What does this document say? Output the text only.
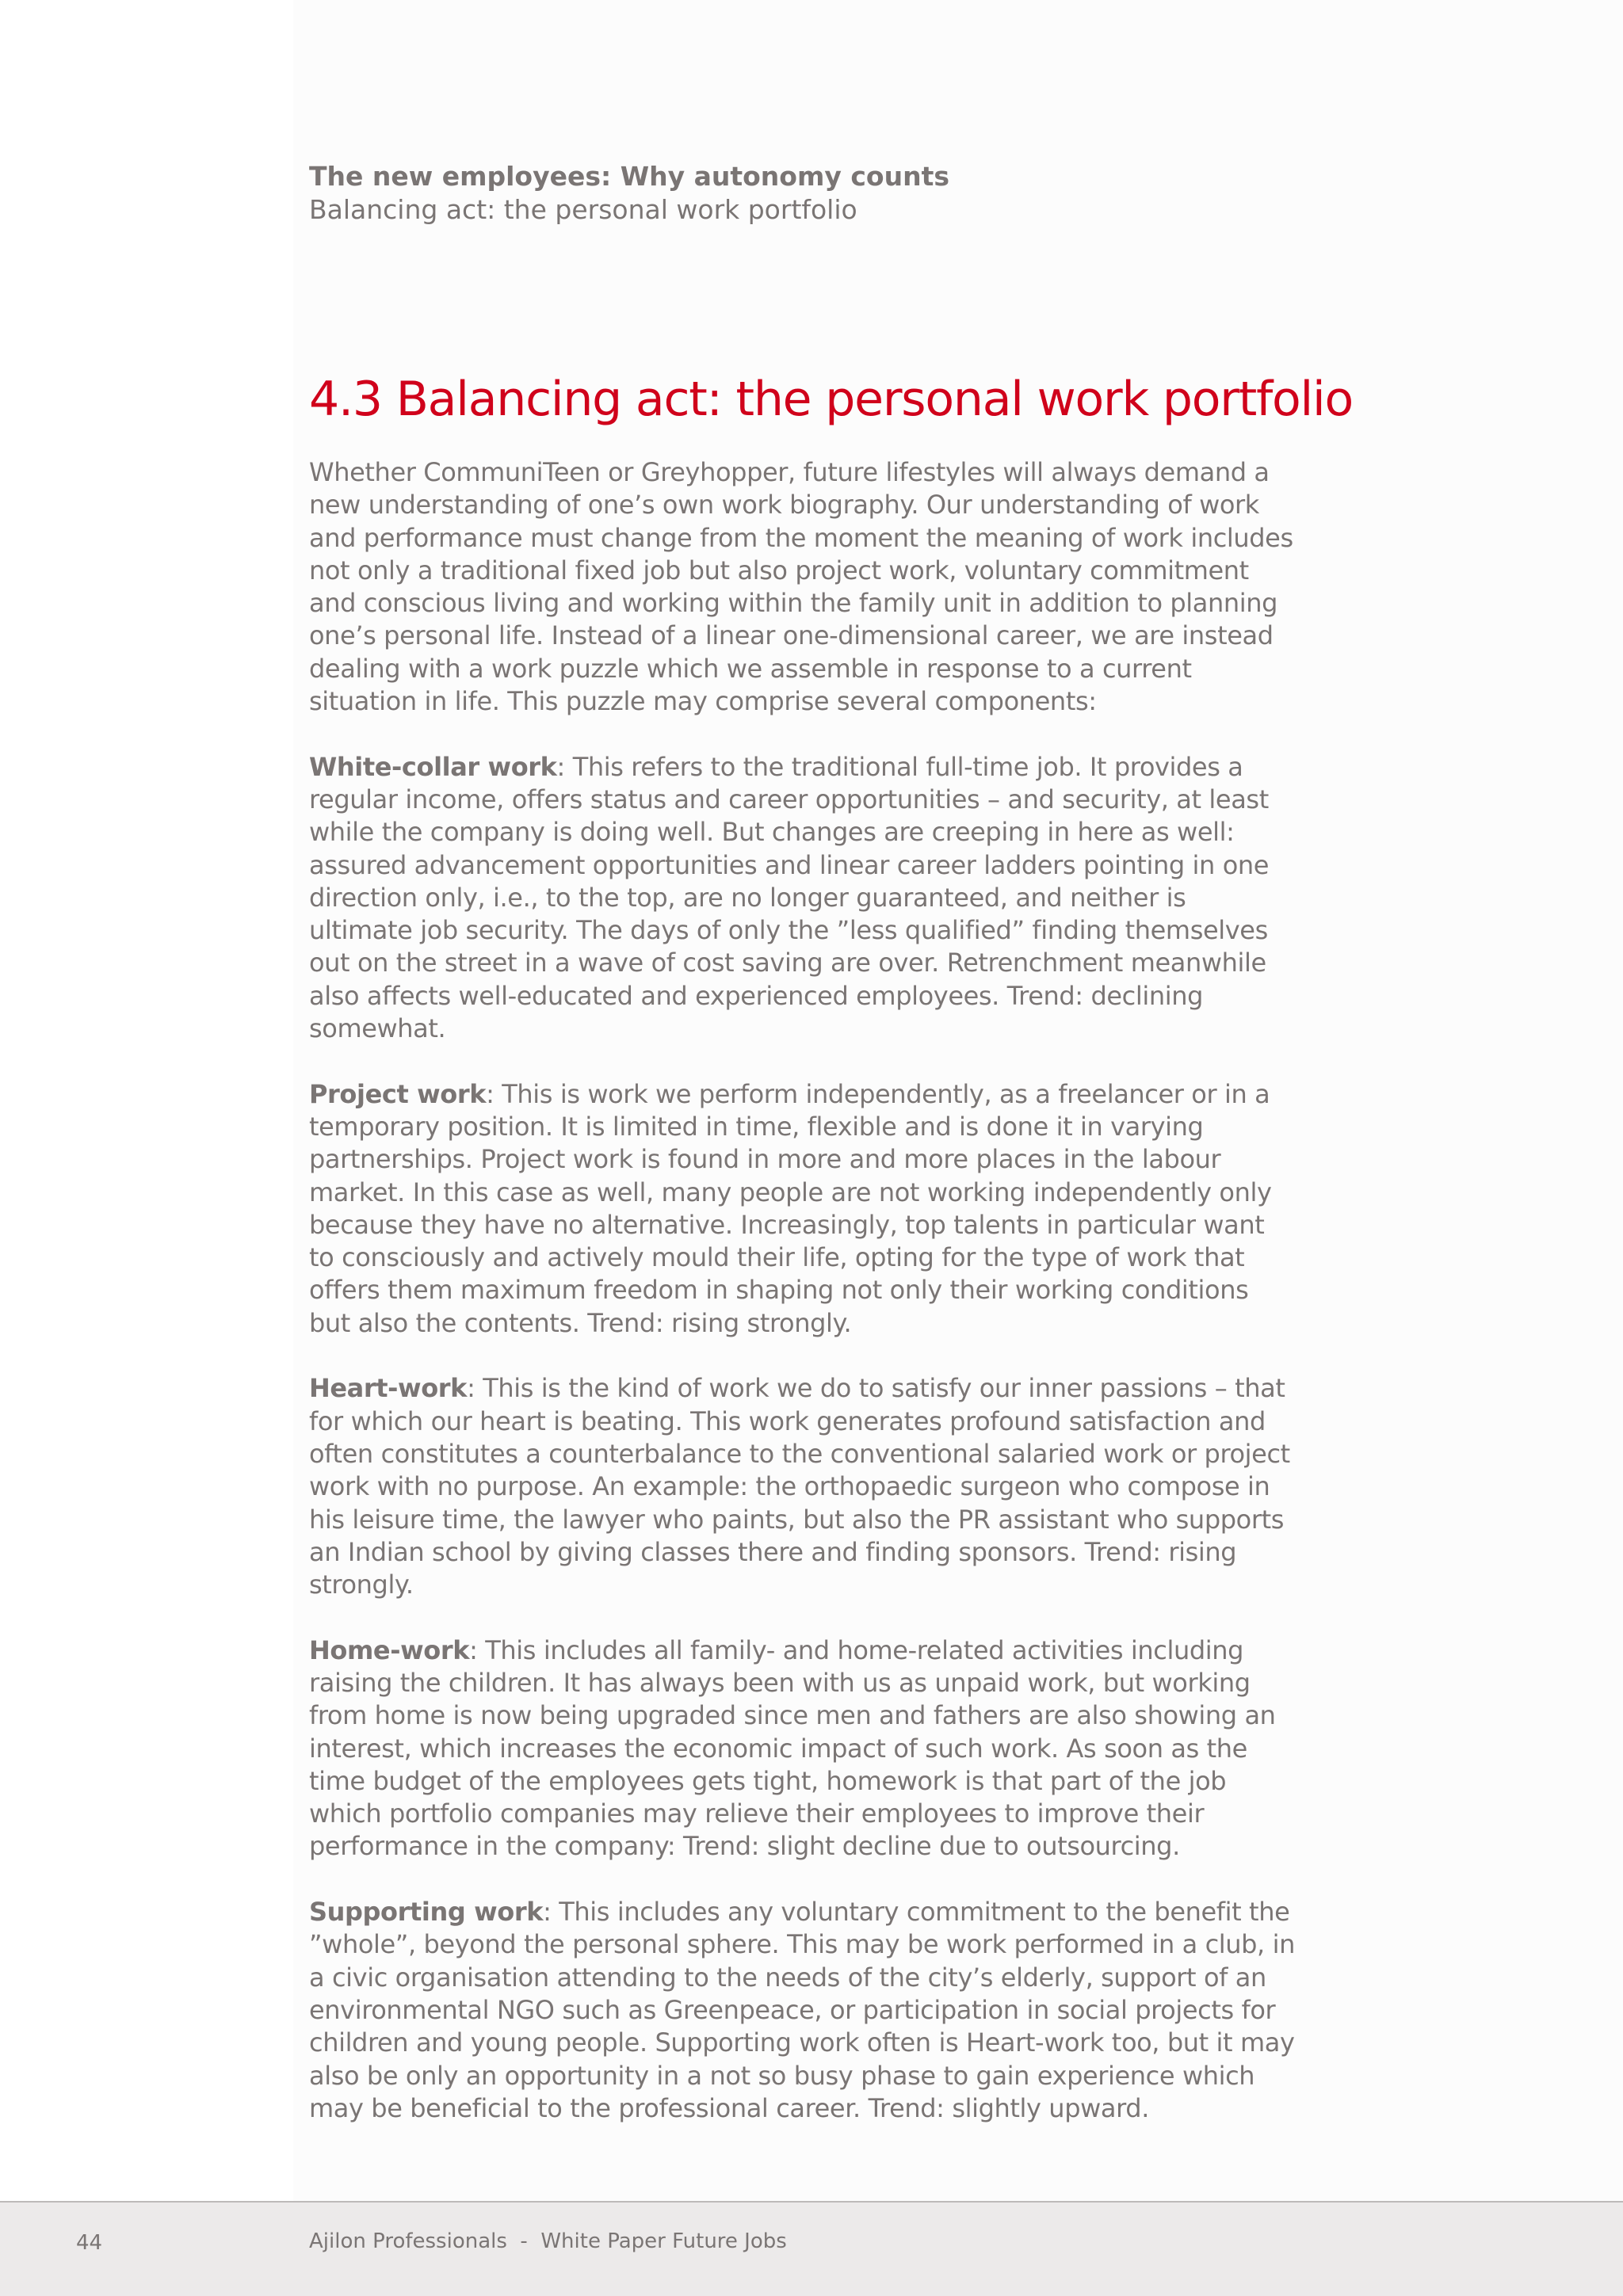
The new employees: Why autonomy counts
Balancing act: the personal work portfolio
4.3 Balancing act: the personal work portfolio

Whether CommuniTeen or Greyhopper, future lifestyles will always demand a new understanding of one’s own work biography. Our understanding of work and performance must change from the moment the meaning of work includes not only a traditional fixed job but also project work, voluntary commitment and conscious living and working within the family unit in addition to planning one’s personal life. Instead of a linear one-dimensional career, we are instead dealing with a work puzzle which we assemble in response to a current situation in life. This puzzle may comprise several components:

White-collar work: This refers to the traditional full-time job. It provides a regular income, offers status and career opportunities – and security, at least while the company is doing well. But changes are creeping in here as well: assured advancement opportunities and linear career ladders pointing in one direction only, i.e., to the top, are no longer guaranteed, and neither is ultimate job security. The days of only the ”less qualified” finding themselves out on the street in a wave of cost saving are over. Retrenchment meanwhile also affects well-educated and experienced employees. Trend: declining somewhat.

Project work: This is work we perform independently, as a freelancer or in a temporary position. It is limited in time, flexible and is done it in varying partnerships. Project work is found in more and more places in the labour market. In this case as well, many people are not working independently only because they have no alternative. Increasingly, top talents in particular want to consciously and actively mould their life, opting for the type of work that offers them maximum freedom in shaping not only their working conditions but also the contents. Trend: rising strongly.

Heart-work: This is the kind of work we do to satisfy our inner passions – that for which our heart is beating. This work generates profound satisfaction and often constitutes a counterbalance to the conventional salaried work or project work with no purpose. An example: the orthopaedic surgeon who compose in his leisure time, the lawyer who paints, but also the PR assistant who supports an Indian school by giving classes there and finding sponsors. Trend: rising strongly.

Home-work: This includes all family- and home-related activities including raising the children. It has always been with us as unpaid work, but working from home is now being upgraded since men and fathers are also showing an interest, which increases the economic impact of such work. As soon as the time budget of the employees gets tight, homework is that part of the job which portfolio companies may relieve their employees to improve their performance in the company: Trend: slight decline due to outsourcing.

Supporting work: This includes any voluntary commitment to the benefit the ”whole”, beyond the personal sphere. This may be work performed in a club, in a civic organisation attending to the needs of the city’s elderly, support of an environmental NGO such as Greenpeace, or participation in social projects for children and young people. Supporting work often is Heart-work too, but it may also be only an opportunity in a not so busy phase to gain experience which may be beneficial to the professional career. Trend: slightly upward.

44	Ajilon Professionals  -  White Paper Future Jobs
